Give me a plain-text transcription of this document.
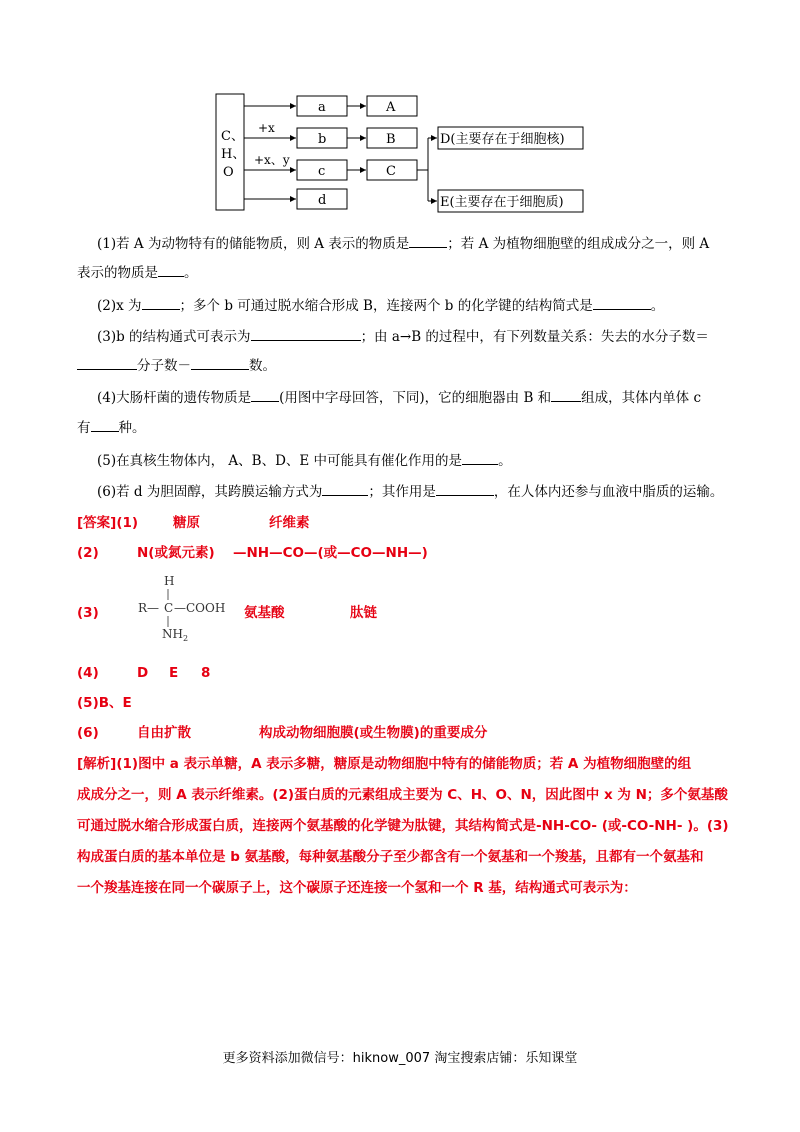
C、
H、
O
+x
+x、y
a
b
c
d
A
B
C
D(主要存在于细胞核)
E(主要存在于细胞质)
(1)若 A 为动物特有的储能物质，则 A 表示的物质是	；若 A 为植物细胞壁的组成成分之一，则 A
表示的物质是 。
(2)x 为	；多个 b 可通过脱水缩合形成 B，连接两个 b 的化学键的结构简式是	。
(3)b 的结构通式可表示为	；由 a→B 的过程中，有下列数量关系：失去的水分子数＝
分子数－	数。
(4)大肠杆菌的遗传物质是 (用图中字母回答，下同)，它的细胞器由 B 和 组成，其体内单体 c
有 种。
(5)在真核生物体内， A、B、D、E 中可能具有催化作用的是	。
(6)若 d 为胆固醇，其跨膜运输方式为	；其作用是	，在人体内还参与血液中脂质的运输。
[答案](1)	糖原	纤维素
(2)	N(或氮元素) —NH—CO—(或—CO—NH—)
(3)
H
R— C —COOH
$NH_2$
氨基酸	肽链
(4)	D E 8
(5)B、E
(6)	自由扩散	构成动物细胞膜(或生物膜)的重要成分
[解析](1)图中 a 表示单糖，A 表示多糖，糖原是动物细胞中特有的储能物质；若 A 为植物细胞壁的组
成成分之一，则 A 表示纤维素。(2)蛋白质的元素组成主要为 C、H、O、N，因此图中 x 为 N；多个氨基酸
可通过脱水缩合形成蛋白质，连接两个氨基酸的化学键为肽键，其结构简式是-NH-CO- (或-CO-NH- )。(3)
构成蛋白质的基本单位是 b 氨基酸，每种氨基酸分子至少都含有一个氨基和一个羧基，且都有一个氨基和
一个羧基连接在同一个碳原子上，这个碳原子还连接一个氢和一个 R 基，结构通式可表示为：
更多资料添加微信号：hiknow_007 淘宝搜索店铺：乐知课堂
